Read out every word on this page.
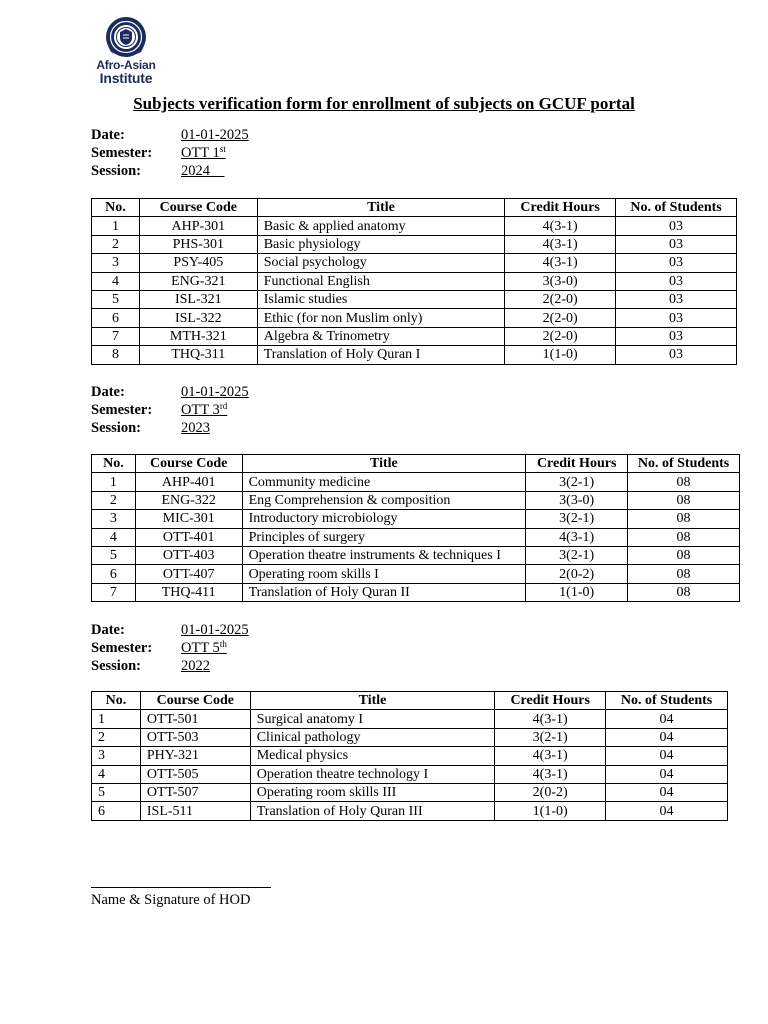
Afro-Asian
Institute
Subjects verification form for enrollment of subjects on GCUF portal
Date:	01-01-2025
Semester: OTT 1st
Session:	2024
No.	Course Code	Title	Credit Hours	No. of Students
1	AHP-301	Basic & applied anatomy	4(3-1)	03
2	PHS-301	Basic physiology	4(3-1)	03
3	PSY-405	Social psychology	4(3-1)	03
4	ENG-321	Functional English	3(3-0)	03
5	ISL-321	Islamic studies	2(2-0)	03
6	ISL-322	Ethic (for non Muslim only)	2(2-0)	03
7	MTH-321	Algebra & Trinometry	2(2-0)	03
8	THQ-311	Translation of Holy Quran I	1(1-0)	03
Date:	01-01-2025
Semester: OTT 3rd
Session:	2023
No.	Course Code	Title	Credit Hours	No. of Students
1	AHP-401	Community medicine	3(2-1)	08
2	ENG-322	Eng Comprehension & composition	3(3-0)	08
3	MIC-301	Introductory microbiology	3(2-1)	08
4	OTT-401	Principles of surgery	4(3-1)	08
5	OTT-403	Operation theatre instruments & techniques I	3(2-1)	08
6	OTT-407	Operating room skills I	2(0-2)	08
7	THQ-411	Translation of Holy Quran II	1(1-0)	08
Date:	01-01-2025
Semester: OTT 5th
Session:	2022
No.	Course Code	Title	Credit Hours	No. of Students
1	OTT-501	Surgical anatomy I	4(3-1)	04
2	OTT-503	Clinical pathology	3(2-1)	04
3	PHY-321	Medical physics	4(3-1)	04
4	OTT-505	Operation theatre technology I	4(3-1)	04
5	OTT-507	Operating room skills III	2(0-2)	04
6	ISL-511	Translation of Holy Quran III	1(1-0)	04
Name & Signature of HOD
